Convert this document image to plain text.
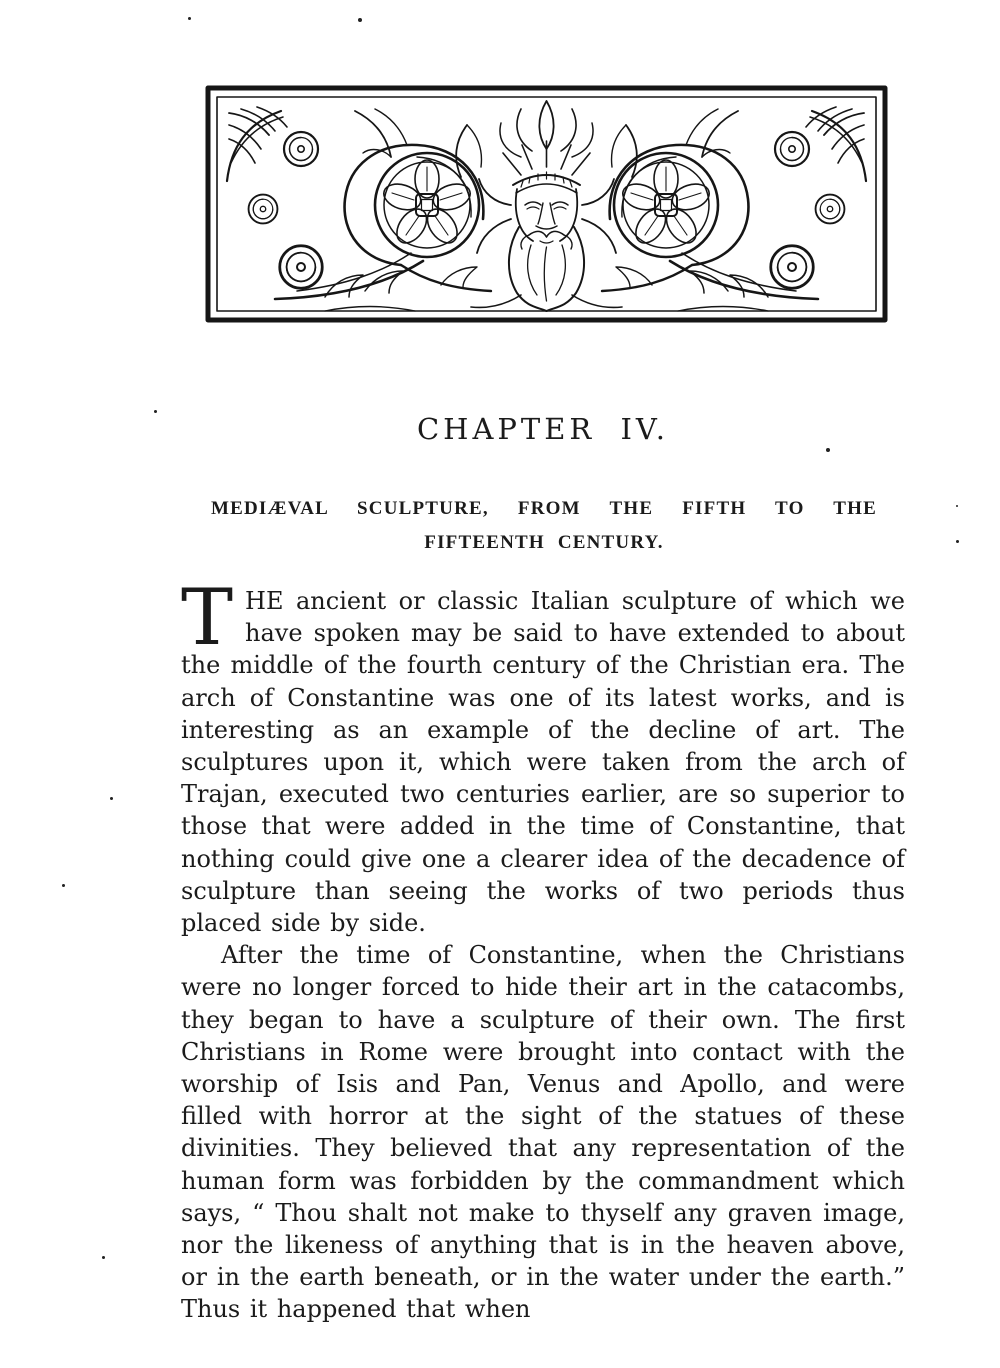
CHAPTER IV.
MEDIÆVAL SCULPTURE, FROM THE FIFTH TO THE
FIFTEENTH CENTURY.

THE ancient or classic Italian sculpture of which we have spoken may be said to have extended to about the middle of the fourth century of the Christian era. The arch of Constantine was one of its latest works, and is interesting as an example of the decline of art. The sculptures upon it, which were taken from the arch of Trajan, executed two centuries earlier, are so superior to those that were added in the time of Constantine, that nothing could give one a clearer idea of the decadence of sculpture than seeing the works of two periods thus placed side by side.

After the time of Constantine, when the Christians were no longer forced to hide their art in the catacombs, they began to have a sculpture of their own. The first Christians in Rome were brought into contact with the worship of Isis and Pan, Venus and Apollo, and were filled with horror at the sight of the statues of these divinities. They believed that any representation of the human form was forbidden by the commandment which says, “ Thou shalt not make to thyself any graven image, nor the likeness of anything that is in the heaven above, or in the earth beneath, or in the water under the earth.” Thus it happened that when
